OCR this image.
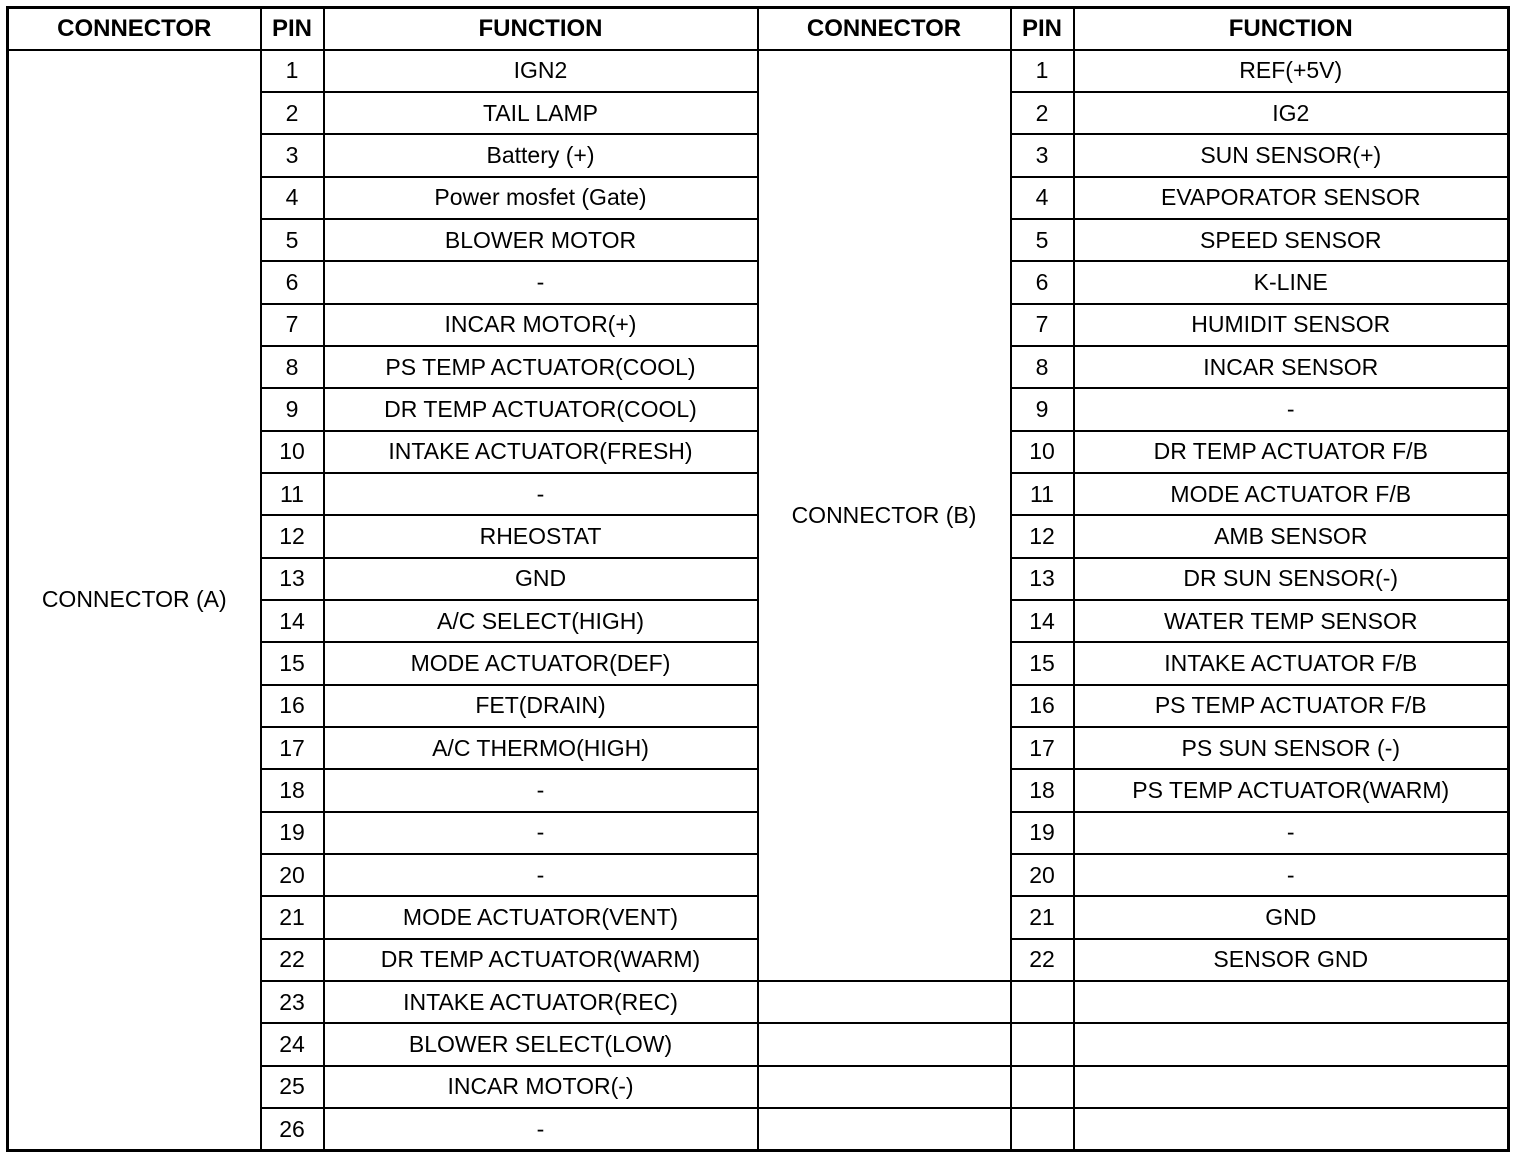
CONNECTOR	PIN	FUNCTION	CONNECTOR	PIN	FUNCTION
CONNECTOR (A)	1	IGN2	CONNECTOR (B)	1	REF(+5V)
	2	TAIL LAMP		2	IG2
	3	Battery (+)		3	SUN SENSOR(+)
	4	Power mosfet (Gate)		4	EVAPORATOR SENSOR
	5	BLOWER MOTOR		5	SPEED SENSOR
	6	-		6	K-LINE
	7	INCAR MOTOR(+)		7	HUMIDIT SENSOR
	8	PS TEMP ACTUATOR(COOL)		8	INCAR SENSOR
	9	DR TEMP ACTUATOR(COOL)		9	-
	10	INTAKE ACTUATOR(FRESH)		10	DR TEMP ACTUATOR F/B
	11	-		11	MODE ACTUATOR F/B
	12	RHEOSTAT		12	AMB SENSOR
	13	GND		13	DR SUN SENSOR(-)
	14	A/C SELECT(HIGH)		14	WATER TEMP SENSOR
	15	MODE ACTUATOR(DEF)		15	INTAKE ACTUATOR F/B
	16	FET(DRAIN)		16	PS TEMP ACTUATOR F/B
	17	A/C THERMO(HIGH)		17	PS SUN SENSOR (-)
	18	-		18	PS TEMP ACTUATOR(WARM)
	19	-		19	-
	20	-		20	-
	21	MODE ACTUATOR(VENT)		21	GND
	22	DR TEMP ACTUATOR(WARM)		22	SENSOR GND
	23	INTAKE ACTUATOR(REC)			
	24	BLOWER SELECT(LOW)			
	25	INCAR MOTOR(-)			
	26	-			
